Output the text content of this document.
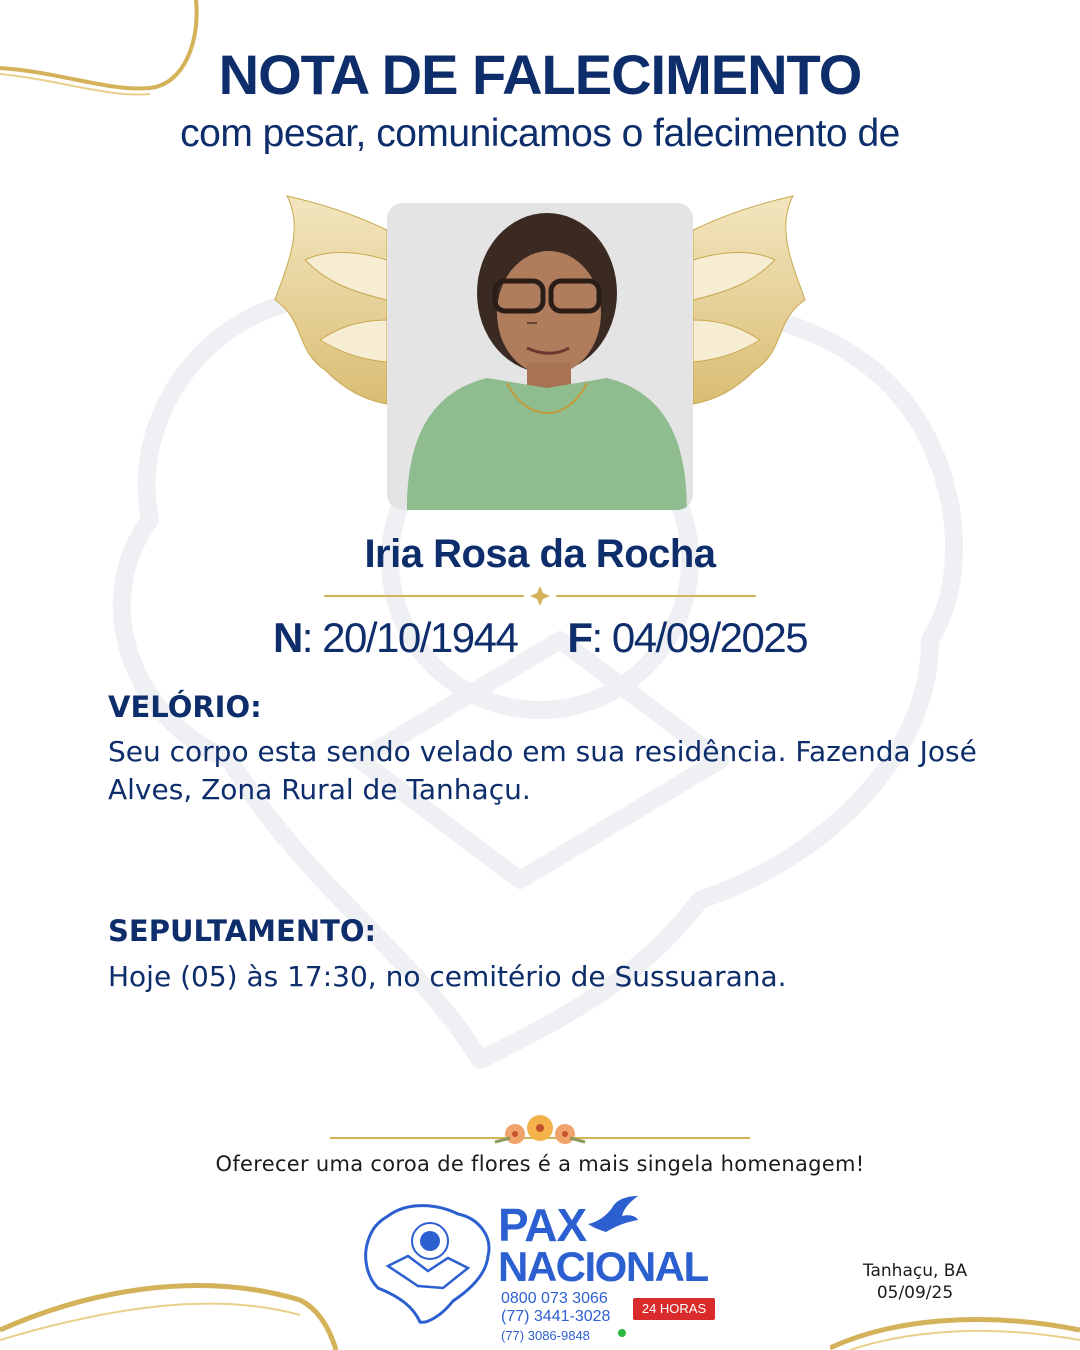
NOTA DE FALECIMENTO
com pesar, comunicamos o falecimento de
Iria Rosa da Rocha
N: 20/10/1944 F: 04/09/2025
VELÓRIO:
Seu corpo esta sendo velado em sua residência. Fazenda José Alves, Zona Rural de Tanhaçu.
SEPULTAMENTO:
Hoje (05) às 17:30, no cemitério de Sussuarana.
Oferecer uma coroa de flores é a mais singela homenagem!
PAX
NACIONAL
0800 073 3066
24 HORAS
(77) 3441-3028
(77) 3086-9848
Tanhaçu, BA
05/09/25
